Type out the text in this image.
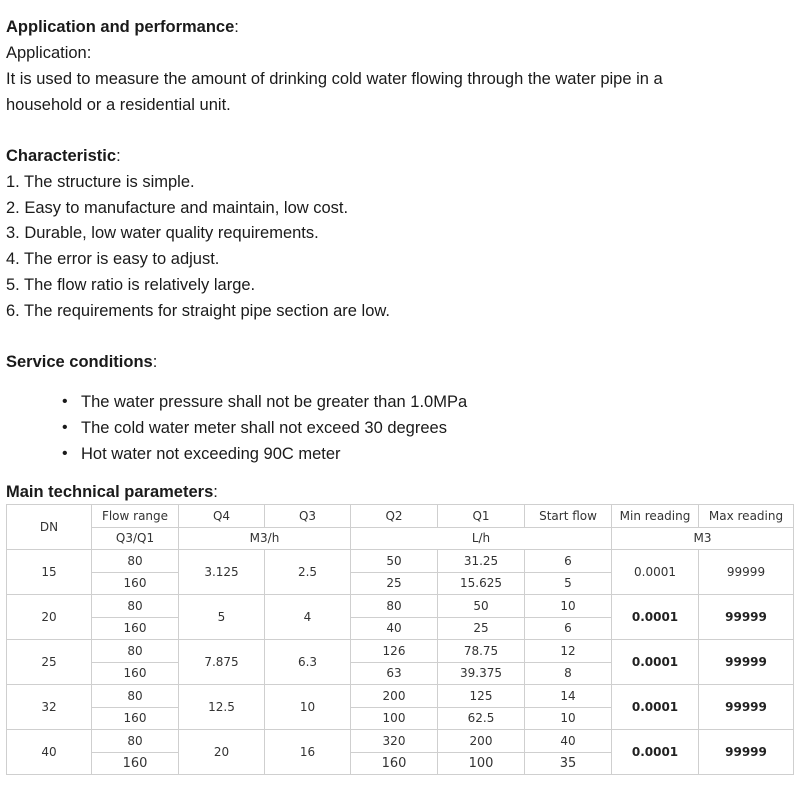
Application and performance:
Application:
It is used to measure the amount of drinking cold water flowing through the water pipe in a
household or a residential unit.
Characteristic:
1. The structure is simple.
2. Easy to manufacture and maintain, low cost.
3. Durable, low water quality requirements.
4. The error is easy to adjust.
5. The flow ratio is relatively large.
6. The requirements for straight pipe section are low.
Service conditions:
• The water pressure shall not be greater than 1.0MPa
• The cold water meter shall not exceed 30 degrees
• Hot water not exceeding 90C meter
Main technical parameters:
DN	Flow range	Q4	Q3	Q2	Q1	Start flow	Min reading	Max reading
	Q3/Q1	M3/h		L/h			M3	
15	80	3.125	2.5	50	31.25	6	0.0001	99999
	160			25	15.625	5		
20	80	5	4	80	50	10	0.0001	99999
	160			40	25	6		
25	80	7.875	6.3	126	78.75	12	0.0001	99999
	160			63	39.375	8		
32	80	12.5	10	200	125	14	0.0001	99999
	160			100	62.5	10		
40	80	20	16	320	200	40	0.0001	99999
	160			160	100	35		
